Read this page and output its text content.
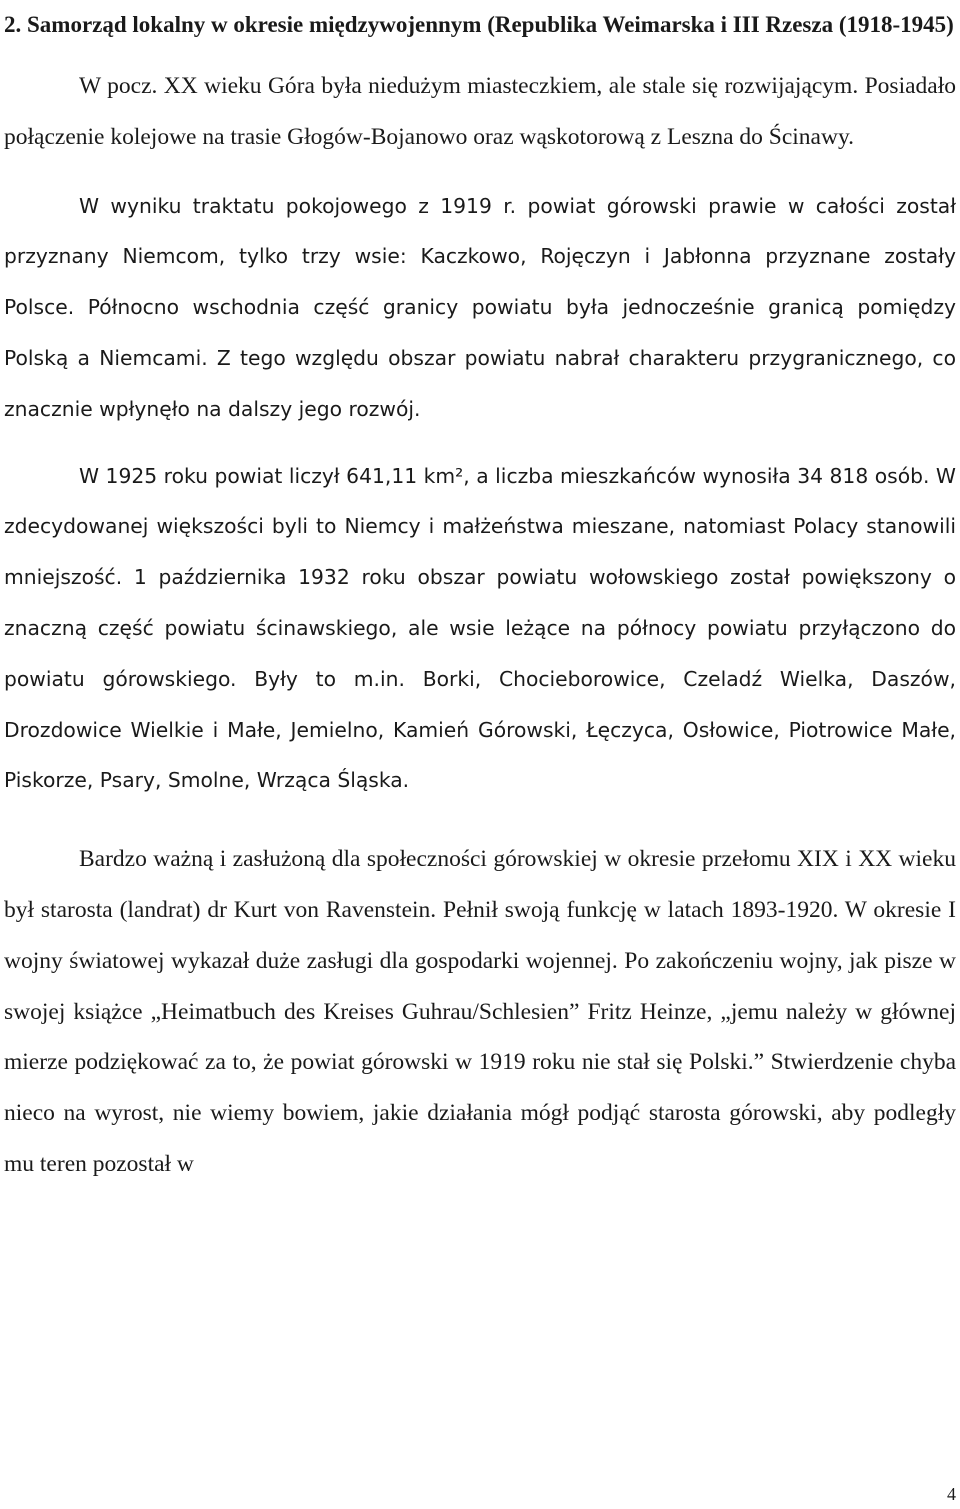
2. Samorząd lokalny w okresie międzywojennym (Republika Weimarska i III Rzesza (1918-1945)

W pocz. XX wieku Góra była niedużym miasteczkiem, ale stale się rozwijającym. Posiadało połączenie kolejowe na trasie Głogów-Bojanowo oraz wąskotorową z Leszna do Ścinawy.

W wyniku traktatu pokojowego z 1919 r. powiat górowski prawie w całości został przyznany Niemcom, tylko trzy wsie: Kaczkowo, Rojęczyn i Jabłonna przyznane zostały Polsce. Północno wschodnia część granicy powiatu była jednocześnie granicą pomiędzy Polską a Niemcami. Z tego względu obszar powiatu nabrał charakteru przygranicznego, co znacznie wpłynęło na dalszy jego rozwój.

W 1925 roku powiat liczył 641,11 km², a liczba mieszkańców wynosiła 34 818 osób. W zdecydowanej większości byli to Niemcy i małżeństwa mieszane, natomiast Polacy stanowili mniejszość. 1 października 1932 roku obszar powiatu wołowskiego został powiększony o znaczną część powiatu ścinawskiego, ale wsie leżące na północy powiatu przyłączono do powiatu górowskiego. Były to m.in. Borki, Chocieborowice, Czeladź Wielka, Daszów, Drozdowice Wielkie i Małe, Jemielno, Kamień Górowski, Łęczyca, Osłowice, Piotrowice Małe, Piskorze, Psary, Smolne, Wrząca Śląska.

Bardzo ważną i zasłużoną dla społeczności górowskiej w okresie przełomu XIX i XX wieku był starosta (landrat) dr Kurt von Ravenstein. Pełnił swoją funkcję w latach 1893-1920. W okresie I wojny światowej wykazał duże zasługi dla gospodarki wojennej. Po zakończeniu wojny, jak pisze w swojej książce „Heimatbuch des Kreises Guhrau/Schlesien” Fritz Heinze, „jemu należy w głównej mierze podziękować za to, że powiat górowski w 1919 roku nie stał się Polski.” Stwierdzenie chyba nieco na wyrost, nie wiemy bowiem, jakie działania mógł podjąć starosta górowski, aby podległy mu teren pozostał w

4
